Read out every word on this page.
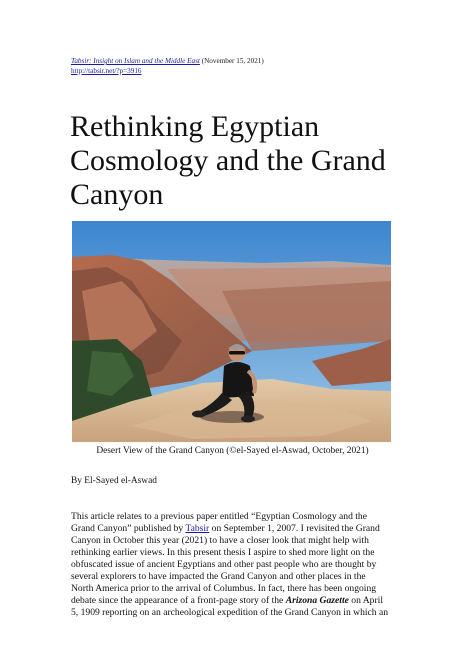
Tabsir: Insight on Islam and the Middle East (November 15, 2021)
http://tabsir.net/?p=3916
Rethinking Egyptian
Cosmology and the Grand
Canyon
Desert View of the Grand Canyon (©el-Sayed el-Aswad, October, 2021)
By El-Sayed el-Aswad
This article relates to a previous paper entitled “Egyptian Cosmology and the
Grand Canyon” published by Tabsir on September 1, 2007. I revisited the Grand
Canyon in October this year (2021) to have a closer look that might help with
rethinking earlier views. In this present thesis I aspire to shed more light on the
obfuscated issue of ancient Egyptians and other past people who are thought by
several explorers to have impacted the Grand Canyon and other places in the
North America prior to the arrival of Columbus. In fact, there has been ongoing
debate since the appearance of a front-page story of the Arizona Gazette on April
5, 1909 reporting on an archeological expedition of the Grand Canyon in which an
